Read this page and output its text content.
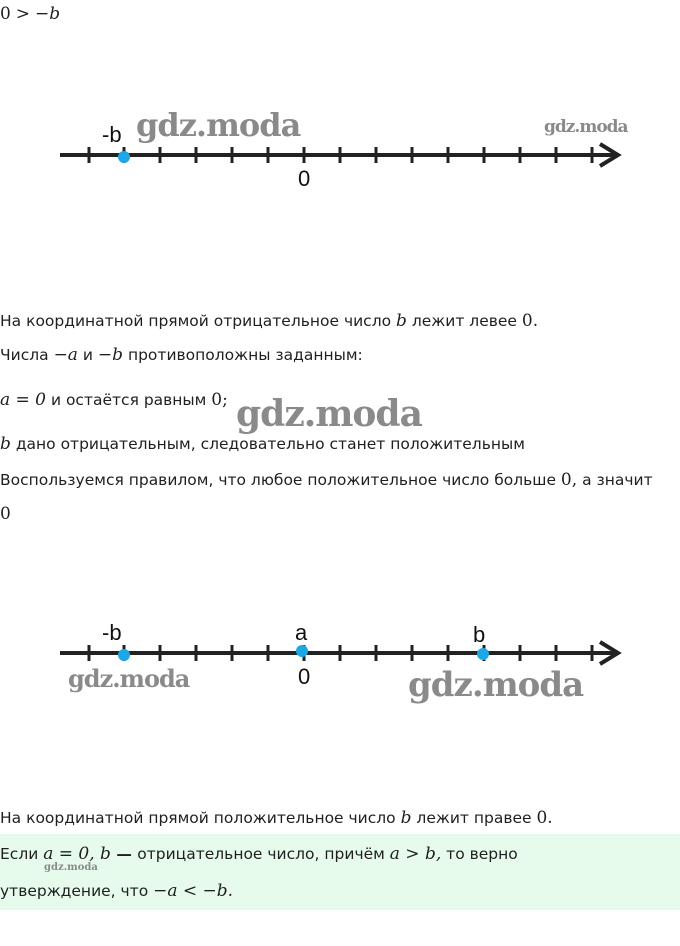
0 > −b
-b
0
gdz.moda	gdz.moda
На координатной прямой отрицательное число b лежит левее 0.
Числа −a и −b противоположны заданным:
a = 0 и остаётся равным 0; gdz.moda
b дано отрицательным, следовательно станет положительным
Воспользуемся правилом, что любое положительное число больше 0, а значит
0
-b	a
0
b
gdz.moda	gdz.moda
На координатной прямой положительное число b лежит правее 0.
Если a = 0, b — отрицательное число, причём a > b, то верно
gdz.moda
утверждение, что −a < −b.
